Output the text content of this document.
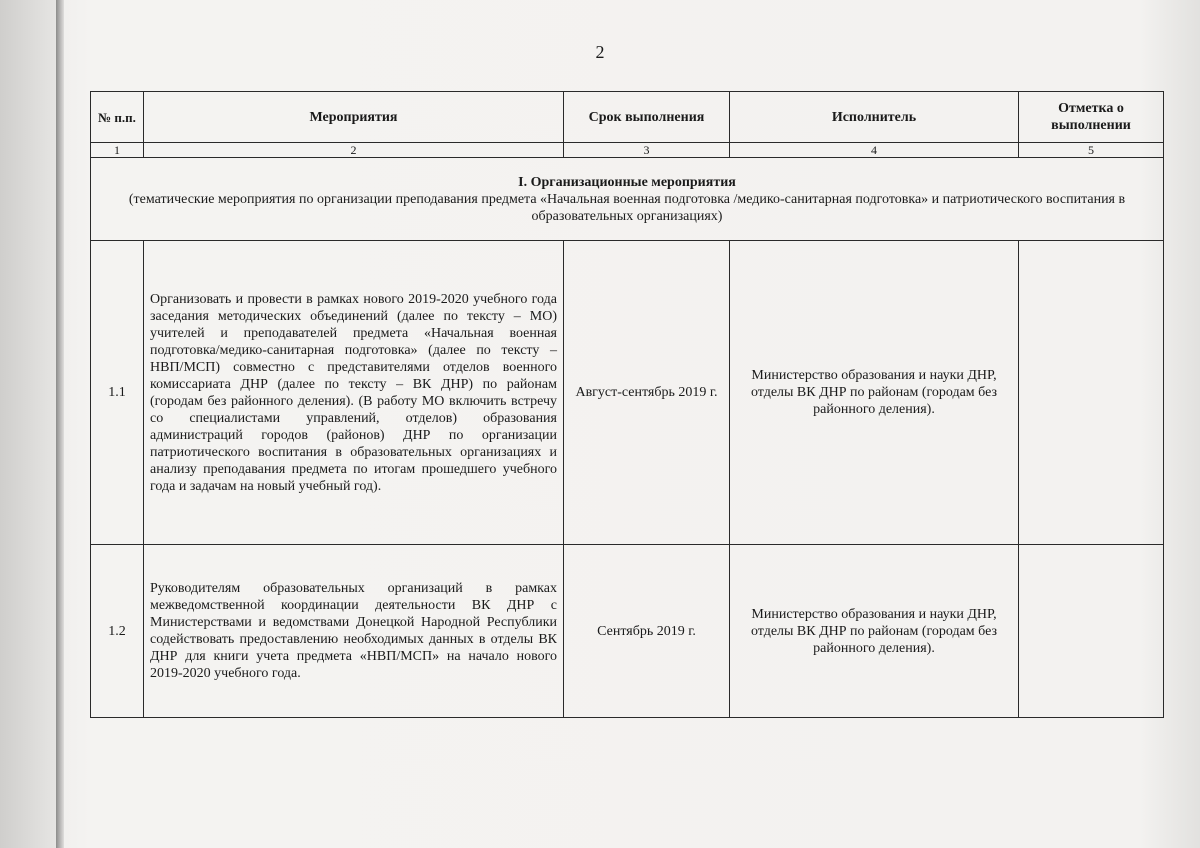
2
№ п.п.	Мероприятия	Срок выполнения	Исполнитель	Отметка о выполнении
1	2	3	4	5

I. Организационные мероприятия
(тематические мероприятия по организации преподавания предмета «Начальная военная подготовка /медико-санитарная подготовка» и патриотического воспитания в образовательных организациях)				

1.1	Организовать и провести в рамках нового 2019-2020 учебного года заседания методических объединений (далее по тексту – МО) учителей и преподавателей предмета «Начальная военная подготовка/медико-санитарная подготовка» (далее по тексту – НВП/МСП) совместно с представителями отделов военного комиссариата ДНР (далее по тексту – ВК ДНР) по районам (городам без районного деления). (В работу МО включить встречу со специалистами управлений, отделов) образования администраций городов (районов) ДНР по организации патриотического воспитания в образовательных организациях и анализу преподавания предмета по итогам прошедшего учебного года и задачам на новый учебный год).	Август-сентябрь 2019 г.	Министерство образования и науки ДНР, отделы ВК ДНР по районам (городам без районного деления).	
1.2	Руководителям образовательных организаций в рамках межведомственной координации деятельности ВК ДНР с Министерствами и ведомствами Донецкой Народной Республики содействовать предоставлению необходимых данных в отделы ВК ДНР для книги учета предмета «НВП/МСП» на начало нового 2019-2020 учебного года.	Сентябрь 2019 г.	Министерство образования и науки ДНР, отделы ВК ДНР по районам (городам без районного деления).	
